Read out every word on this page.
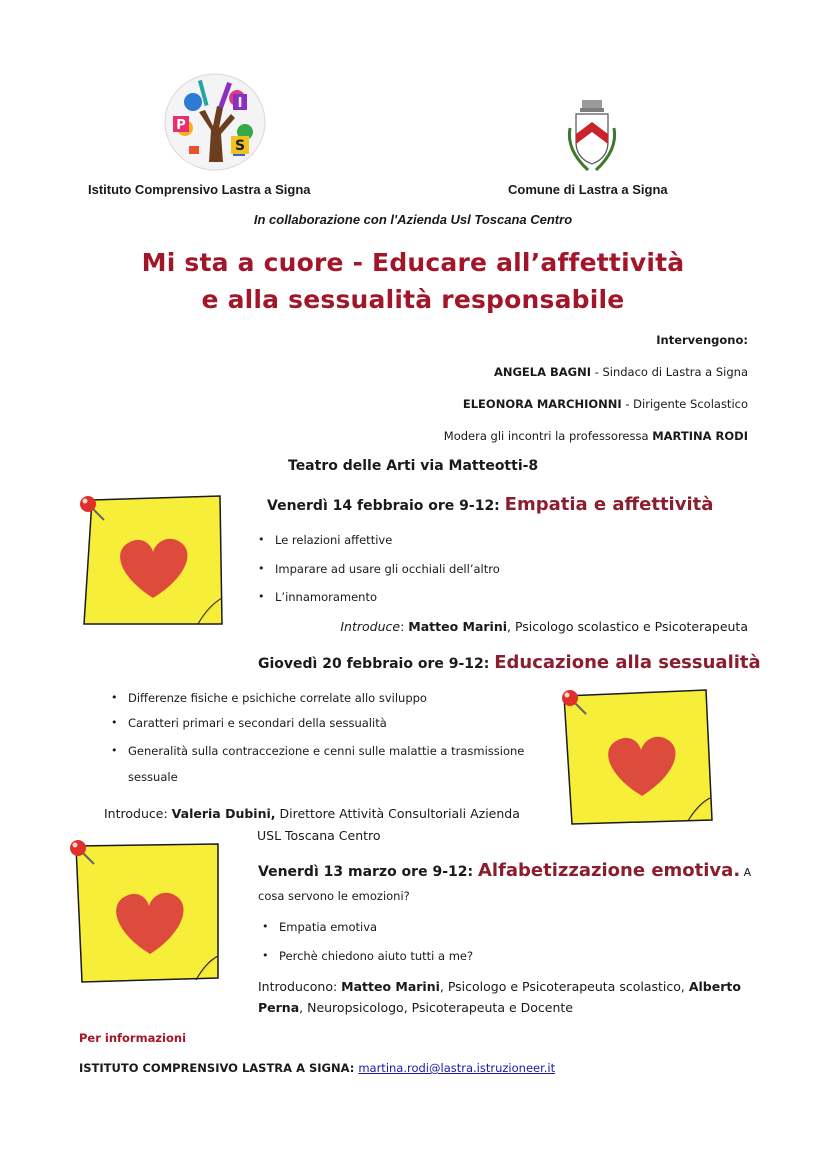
P
I
S
Istituto Comprensivo Lastra a Signa	Comune di Lastra a Signa
In collaborazione con l'Azienda Usl Toscana Centro
Mi sta a cuore - Educare all’affettività
e alla sessualità responsabile
Intervengono:
ANGELA BAGNI - Sindaco di Lastra a Signa
ELEONORA MARCHIONNI - Dirigente Scolastico
Modera gli incontri la professoressa MARTINA RODI
Teatro delle Arti via Matteotti-8
Venerdì 14 febbraio ore 9-12: Empatia e affettività
• Le relazioni affettive
• Imparare ad usare gli occhiali dell’altro
• L’innamoramento
Introduce: Matteo Marini, Psicologo scolastico e Psicoterapeuta
Giovedì 20 febbraio ore 9-12: Educazione alla sessualità
• Differenze fisiche e psichiche correlate allo sviluppo
• Caratteri primari e secondari della sessualità
• Generalità sulla contraccezione e cenni sulle malattie a trasmissione
sessuale
Introduce: Valeria Dubini, Direttore Attività Consultoriali Azienda
USL Toscana Centro
Venerdì 13 marzo ore 9-12: Alfabetizzazione emotiva. A
cosa servono le emozioni?
• Empatia emotiva
• Perchè chiedono aiuto tutti a me?
Introducono: Matteo Marini, Psicologo e Psicoterapeuta scolastico, Alberto
Perna, Neuropsicologo, Psicoterapeuta e Docente
Per informazioni
ISTITUTO COMPRENSIVO LASTRA A SIGNA: martina.rodi@lastra.istruzioneer.it
